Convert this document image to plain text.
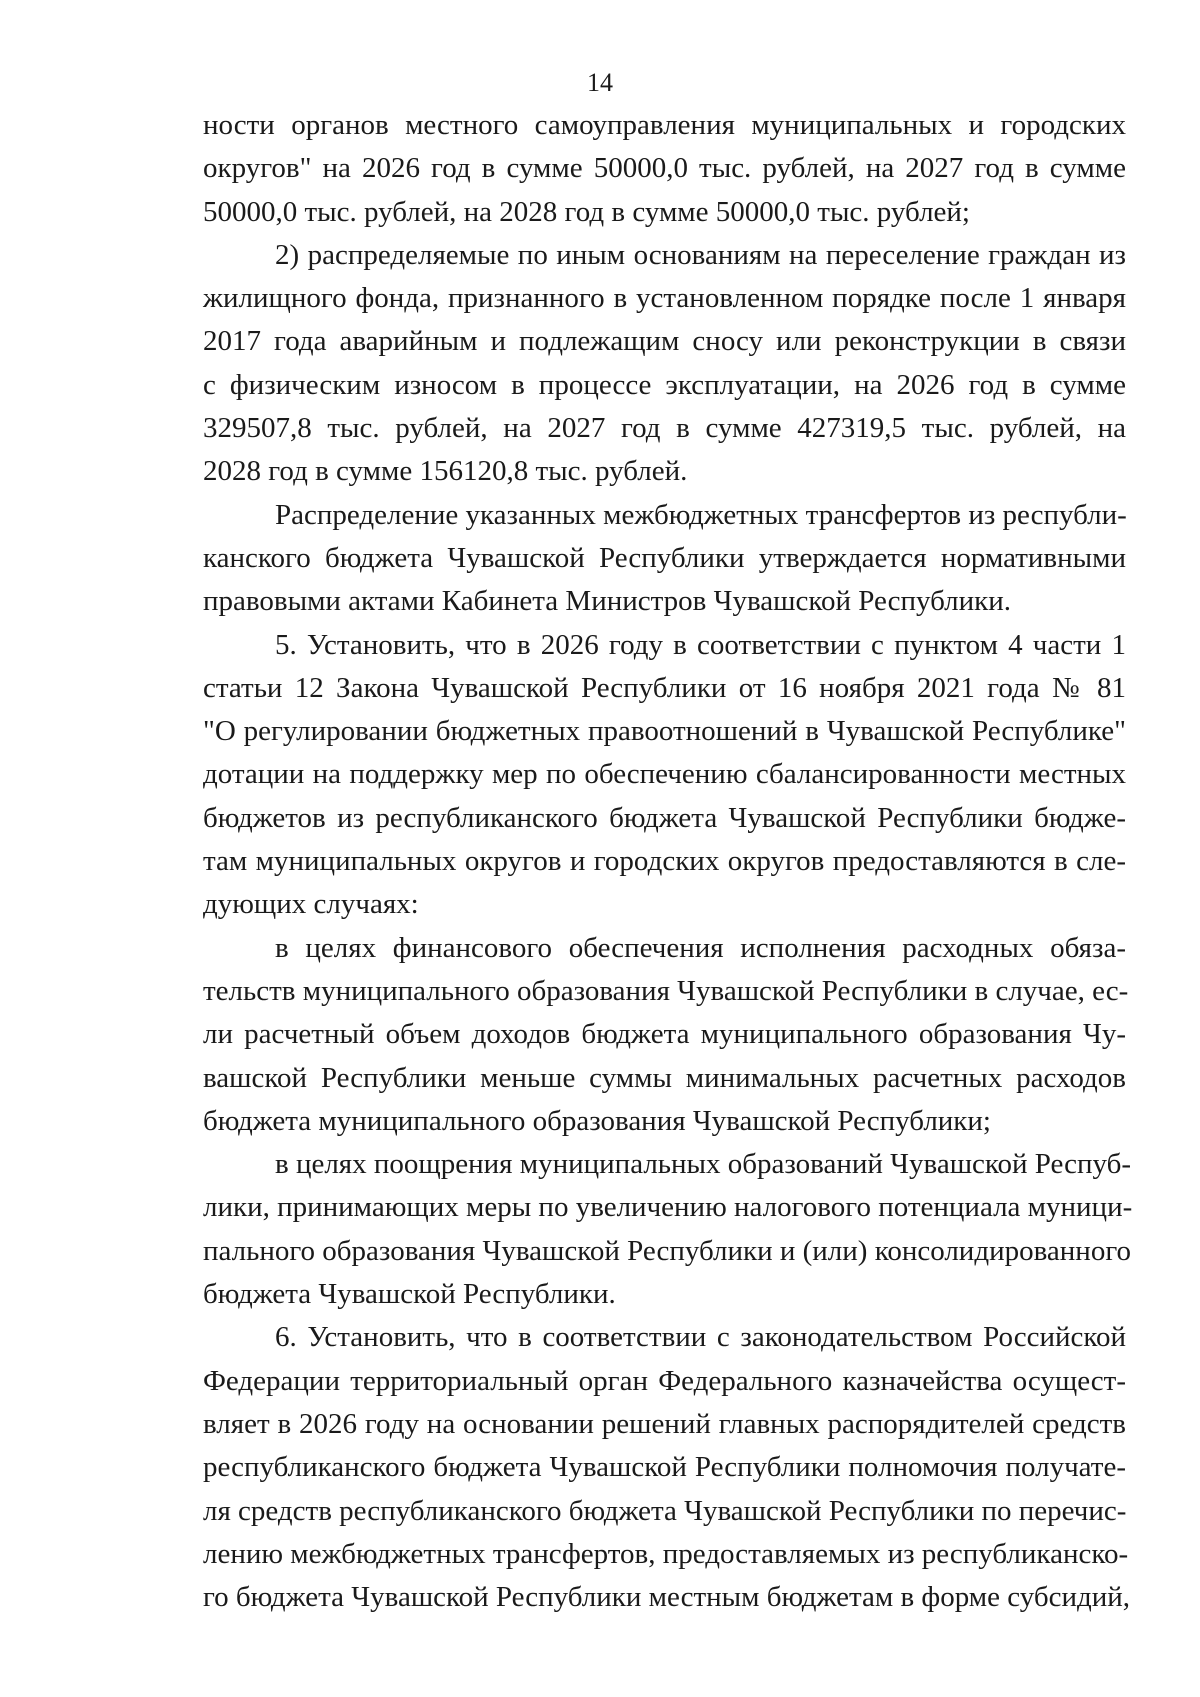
14
ности органов местного самоуправления муниципальных и городских
округов" на 2026 год в сумме 50000,0 тыс. рублей, на 2027 год в сумме
50000,0 тыс. рублей, на 2028 год в сумме 50000,0 тыс. рублей;
2) распределяемые по иным основаниям на переселение граждан из
жилищного фонда, признанного в установленном порядке после 1 января
2017 года аварийным и подлежащим сносу или реконструкции в связи
с физическим износом в процессе эксплуатации, на 2026 год в сумме
329507,8 тыс. рублей, на 2027 год в сумме 427319,5 тыс. рублей, на
2028 год в сумме 156120,8 тыс. рублей.
Распределение указанных межбюджетных трансфертов из республи-
канского бюджета Чувашской Республики утверждается нормативными
правовыми актами Кабинета Министров Чувашской Республики.
5. Установить, что в 2026 году в соответствии с пунктом 4 части 1
статьи 12 Закона Чувашской Республики от 16 ноября 2021 года № 81
"О регулировании бюджетных правоотношений в Чувашской Республике"
дотации на поддержку мер по обеспечению сбалансированности местных
бюджетов из республиканского бюджета Чувашской Республики бюдже-
там муниципальных округов и городских округов предоставляются в сле-
дующих случаях:
в целях финансового обеспечения исполнения расходных обяза-
тельств муниципального образования Чувашской Республики в случае, ес-
ли расчетный объем доходов бюджета муниципального образования Чу-
вашской Республики меньше суммы минимальных расчетных расходов
бюджета муниципального образования Чувашской Республики;
в целях поощрения муниципальных образований Чувашской Респуб-
лики, принимающих меры по увеличению налогового потенциала муници-
пального образования Чувашской Республики и (или) консолидированного
бюджета Чувашской Республики.
6. Установить, что в соответствии с законодательством Российской
Федерации территориальный орган Федерального казначейства осущест-
вляет в 2026 году на основании решений главных распорядителей средств
республиканского бюджета Чувашской Республики полномочия получате-
ля средств республиканского бюджета Чувашской Республики по перечис-
лению межбюджетных трансфертов, предоставляемых из республиканско-
го бюджета Чувашской Республики местным бюджетам в форме субсидий,
